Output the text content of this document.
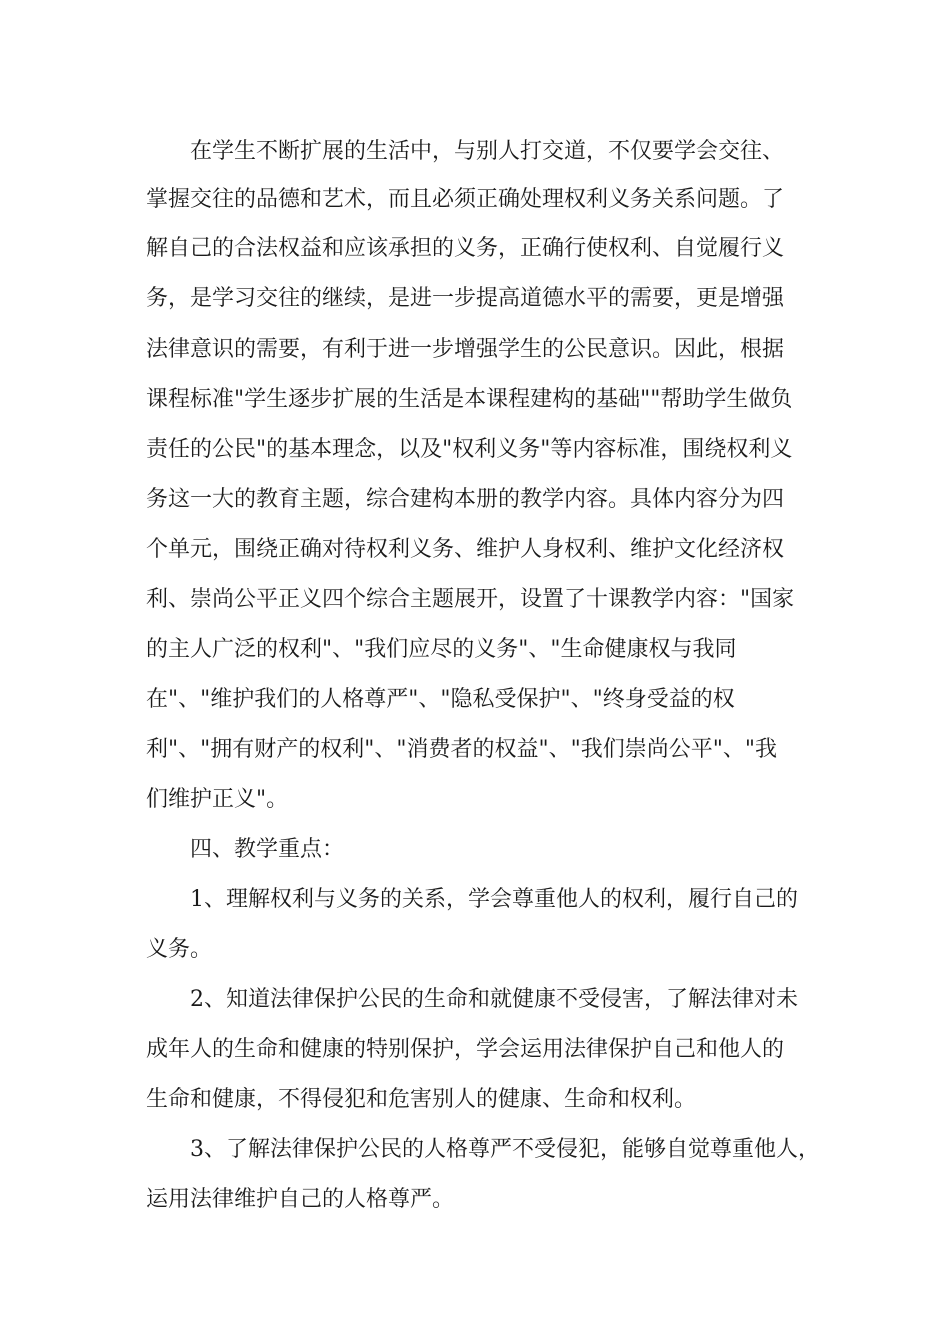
在学生不断扩展的生活中，与别人打交道，不仅要学会交往、

掌握交往的品德和艺术，而且必须正确处理权利义务关系问题。了

解自己的合法权益和应该承担的义务，正确行使权利、自觉履行义

务，是学习交往的继续，是进一步提高道德水平的需要，更是增强

法律意识的需要，有利于进一步增强学生的公民意识。因此，根据

课程标准"学生逐步扩展的生活是本课程建构的基础""帮助学生做负

责任的公民"的基本理念，以及"权利义务"等内容标准，围绕权利义

务这一大的教育主题，综合建构本册的教学内容。具体内容分为四

个单元，围绕正确对待权利义务、维护人身权利、维护文化经济权

利、崇尚公平正义四个综合主题展开，设置了十课教学内容："国家

的主人广泛的权利"、"我们应尽的义务"、"生命健康权与我同

在"、"维护我们的人格尊严"、"隐私受保护"、"终身受益的权

利"、"拥有财产的权利"、"消费者的权益"、"我们崇尚公平"、"我

们维护正义"。

四、教学重点：

1、理解权利与义务的关系，学会尊重他人的权利，履行自己的

义务。

2、知道法律保护公民的生命和就健康不受侵害，了解法律对未

成年人的生命和健康的特别保护，学会运用法律保护自己和他人的

生命和健康，不得侵犯和危害别人的健康、生命和权利。

3、了解法律保护公民的人格尊严不受侵犯，能够自觉尊重他人，

运用法律维护自己的人格尊严。
